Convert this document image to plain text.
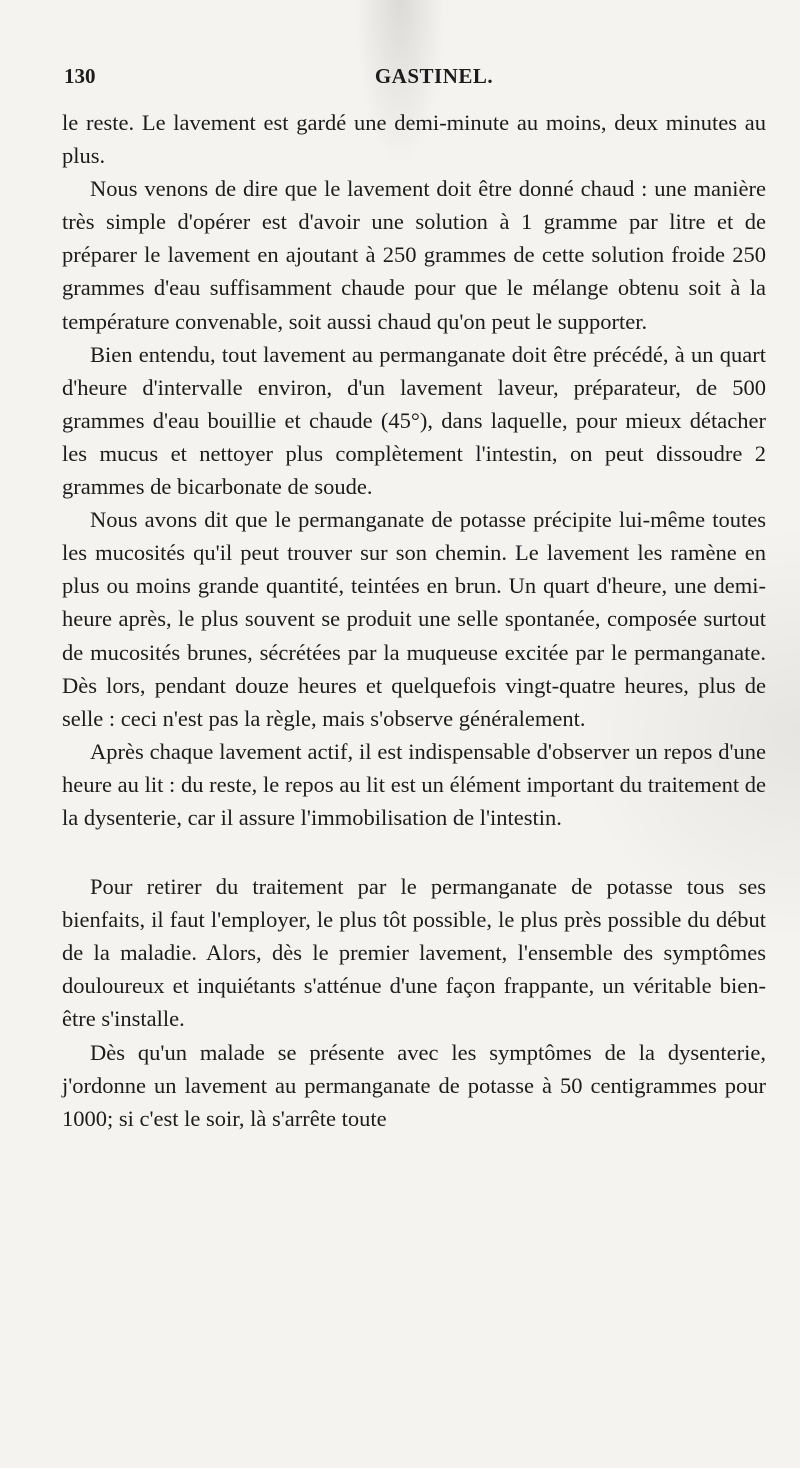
130	GASTINEL.

le reste. Le lavement est gardé une demi-minute au moins, deux minutes au plus.

Nous venons de dire que le lavement doit être donné chaud : une manière très simple d'opérer est d'avoir une solution à 1 gramme par litre et de préparer le lavement en ajoutant à 250 grammes de cette solution froide 250 grammes d'eau suffisamment chaude pour que le mélange obtenu soit à la température convenable, soit aussi chaud qu'on peut le supporter.

Bien entendu, tout lavement au permanganate doit être précédé, à un quart d'heure d'intervalle environ, d'un lavement laveur, préparateur, de 500 grammes d'eau bouillie et chaude (45°), dans laquelle, pour mieux détacher les mucus et nettoyer plus complètement l'intestin, on peut dissoudre 2 grammes de bicarbonate de soude.

Nous avons dit que le permanganate de potasse précipite lui-même toutes les mucosités qu'il peut trouver sur son chemin. Le lavement les ramène en plus ou moins grande quantité, teintées en brun. Un quart d'heure, une demi-heure après, le plus souvent se produit une selle spontanée, composée surtout de mucosités brunes, sécrétées par la muqueuse excitée par le permanganate. Dès lors, pendant douze heures et quelquefois vingt-quatre heures, plus de selle : ceci n'est pas la règle, mais s'observe généralement.

Après chaque lavement actif, il est indispensable d'observer un repos d'une heure au lit : du reste, le repos au lit est un élément important du traitement de la dysenterie, car il assure l'immobilisation de l'intestin.

Pour retirer du traitement par le permanganate de potasse tous ses bienfaits, il faut l'employer, le plus tôt possible, le plus près possible du début de la maladie. Alors, dès le premier lavement, l'ensemble des symptômes douloureux et inquiétants s'atténue d'une façon frappante, un véritable bien-être s'installe.

Dès qu'un malade se présente avec les symptômes de la dysenterie, j'ordonne un lavement au permanganate de potasse à 50 centigrammes pour 1000; si c'est le soir, là s'arrête toute
